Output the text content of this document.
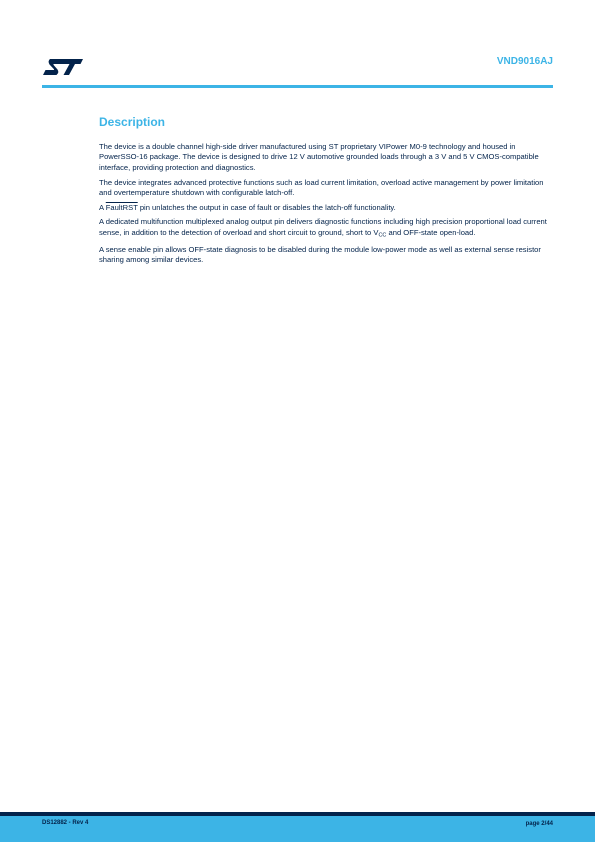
VND9016AJ
Description

The device is a double channel high-side driver manufactured using ST proprietary VIPower M0-9 technology and housed in PowerSSO-16 package. The device is designed to drive 12 V automotive grounded loads through a 3 V and 5 V CMOS-compatible interface, providing protection and diagnostics.

The device integrates advanced protective functions such as load current limitation, overload active management by power limitation and overtemperature shutdown with configurable latch-off.

A FaultRST pin unlatches the output in case of fault or disables the latch-off functionality.

A dedicated multifunction multiplexed analog output pin delivers diagnostic functions including high precision proportional load current sense, in addition to the detection of overload and short circuit to ground, short to $V_{CC}$ and OFF-state open-load.

A sense enable pin allows OFF-state diagnosis to be disabled during the module low-power mode as well as external sense resistor sharing among similar devices.

DS12882 - Rev 4	page 2/44
